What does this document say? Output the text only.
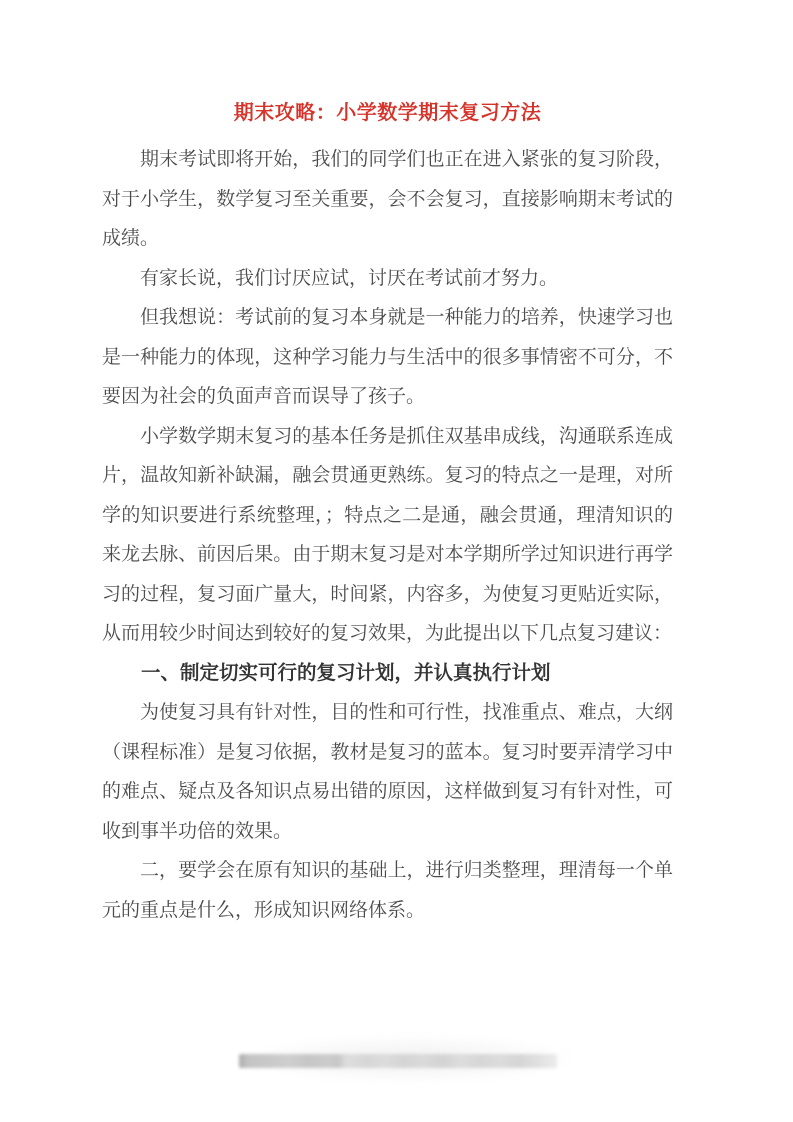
期末攻略：小学数学期末复习方法

期末考试即将开始，我们的同学们也正在进入紧张的复习阶段，对于小学生，数学复习至关重要，会不会复习，直接影响期末考试的成绩。

有家长说，我们讨厌应试，讨厌在考试前才努力。

但我想说：考试前的复习本身就是一种能力的培养，快速学习也是一种能力的体现，这种学习能力与生活中的很多事情密不可分，不要因为社会的负面声音而误导了孩子。

小学数学期末复习的基本任务是抓住双基串成线，沟通联系连成片，温故知新补缺漏，融会贯通更熟练。复习的特点之一是理，对所学的知识要进行系统整理，；特点之二是通，融会贯通，理清知识的来龙去脉、前因后果。由于期末复习是对本学期所学过知识进行再学习的过程，复习面广量大，时间紧，内容多，为使复习更贴近实际，从而用较少时间达到较好的复习效果，为此提出以下几点复习建议：

一、制定切实可行的复习计划，并认真执行计划

为使复习具有针对性，目的性和可行性，找准重点、难点，大纲（课程标准）是复习依据，教材是复习的蓝本。复习时要弄清学习中的难点、疑点及各知识点易出错的原因，这样做到复习有针对性，可收到事半功倍的效果。

二，要学会在原有知识的基础上，进行归类整理，理清每一个单元的重点是什么，形成知识网络体系。
